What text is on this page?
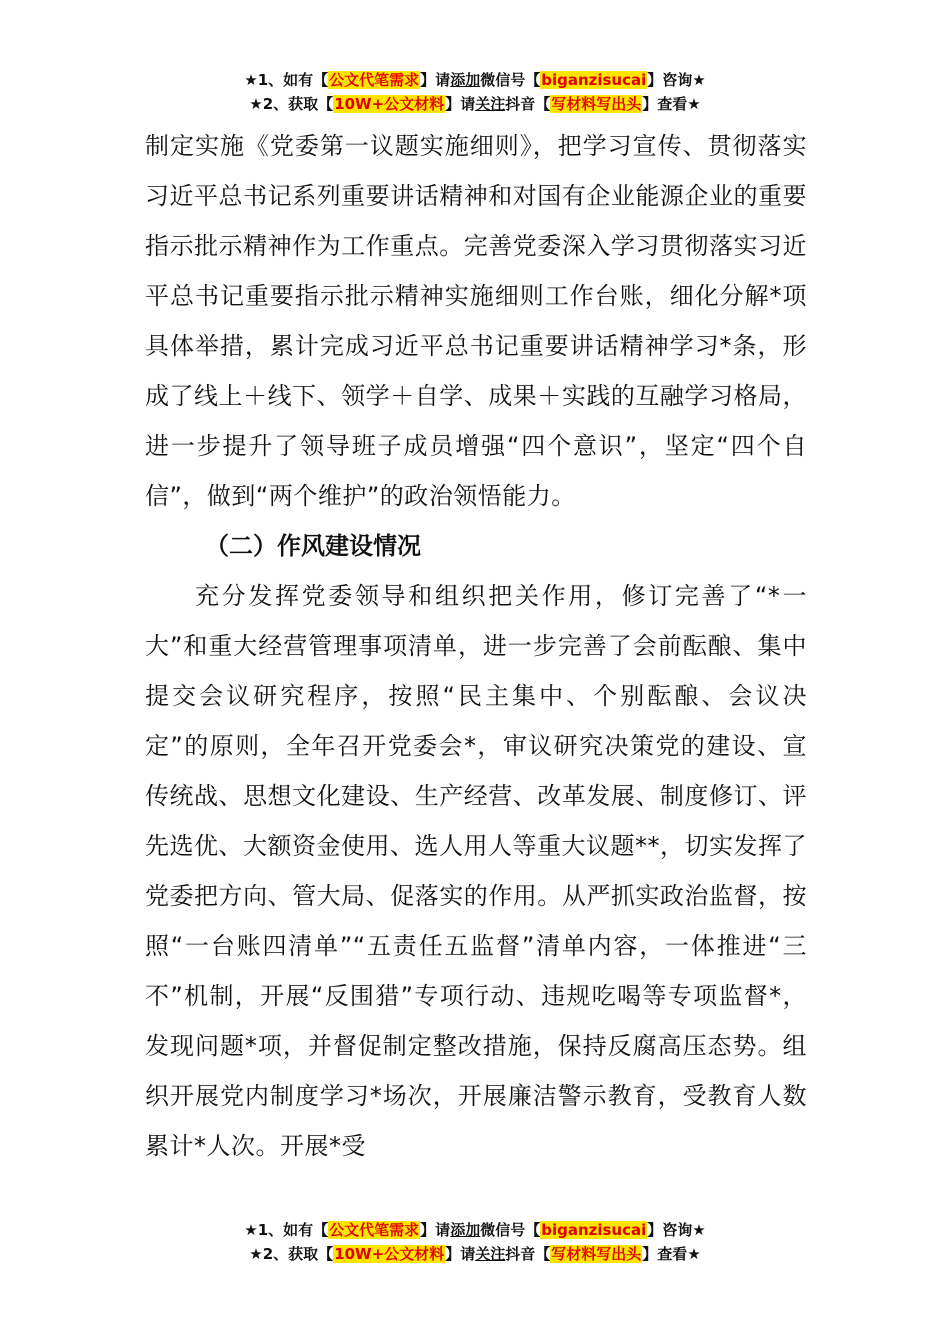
★1、如有【公文代笔需求】请添加微信号【biganzisucai】咨询★
★2、获取【10W+公文材料】请关注抖音【写材料写出头】查看★

制定实施《党委第一议题实施细则》，把学习宣传、贯彻落实习近平总书记系列重要讲话精神和对国有企业能源企业的重要指示批示精神作为工作重点。完善党委深入学习贯彻落实习近平总书记重要指示批示精神实施细则工作台账，细化分解*项具体举措，累计完成习近平总书记重要讲话精神学习*条，形成了线上＋线下、领学＋自学、成果＋实践的互融学习格局，进一步提升了领导班子成员增强“四个意识”，坚定“四个自信”，做到“两个维护”的政治领悟能力。

（二）作风建设情况

充分发挥党委领导和组织把关作用，修订完善了“*一大”和重大经营管理事项清单，进一步完善了会前酝酿、集中提交会议研究程序，按照“民主集中、个别酝酿、会议决定”的原则，全年召开党委会*，审议研究决策党的建设、宣传统战、思想文化建设、生产经营、改革发展、制度修订、评先选优、大额资金使用、选人用人等重大议题**，切实发挥了党委把方向、管大局、促落实的作用。从严抓实政治监督，按照“一台账四清单”“五责任五监督”清单内容，一体推进“三不”机制，开展“反围猎”专项行动、违规吃喝等专项监督*，发现问题*项，并督促制定整改措施，保持反腐高压态势。组织开展党内制度学习*场次，开展廉洁警示教育，受教育人数累计*人次。开展*受

★1、如有【公文代笔需求】请添加微信号【biganzisucai】咨询★
★2、获取【10W+公文材料】请关注抖音【写材料写出头】查看★
